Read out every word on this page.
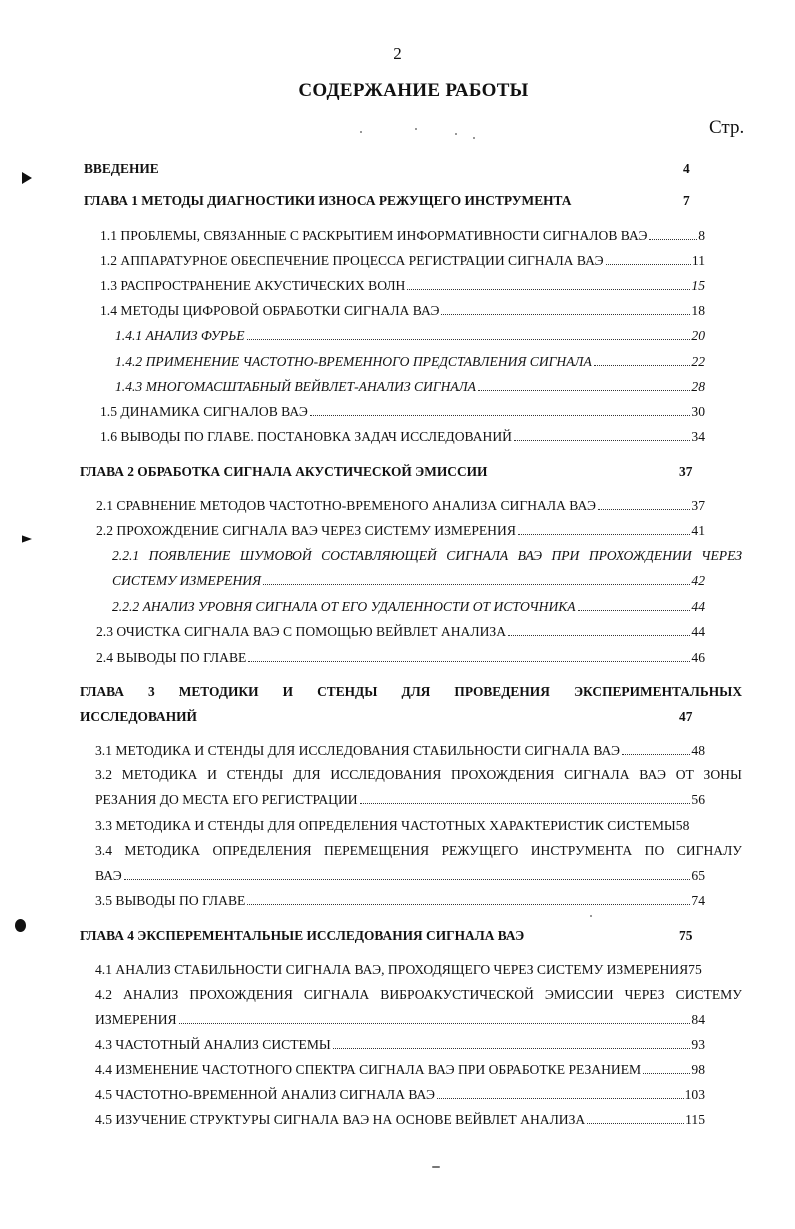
2
СОДЕРЖАНИЕ РАБОТЫ
Стр.
ВВЕДЕНИЕ	4
ГЛАВА 1 МЕТОДЫ ДИАГНОСТИКИ ИЗНОСА РЕЖУЩЕГО ИНСТРУМЕНТА	7
1.1 ПРОБЛЕМЫ, СВЯЗАННЫЕ С РАСКРЫТИЕМ ИНФОРМАТИВНОСТИ СИГНАЛОВ ВАЭ	8
1.2 АППАРАТУРНОЕ ОБЕСПЕЧЕНИЕ ПРОЦЕССА РЕГИСТРАЦИИ СИГНАЛА ВАЭ	11
1.3 РАСПРОСТРАНЕНИЕ АКУСТИЧЕСКИХ ВОЛН	15
1.4 МЕТОДЫ ЦИФРОВОЙ ОБРАБОТКИ СИГНАЛА ВАЭ	18
1.4.1 АНАЛИЗ ФУРЬЕ	20
1.4.2 ПРИМЕНЕНИЕ ЧАСТОТНО-ВРЕМЕННОГО ПРЕДСТАВЛЕНИЯ СИГНАЛА	22
1.4.3 МНОГОМАСШТАБНЫЙ ВЕЙВЛЕТ-АНАЛИЗ СИГНАЛА	28
1.5 ДИНАМИКА СИГНАЛОВ ВАЭ	30
1.6 ВЫВОДЫ ПО ГЛАВЕ. ПОСТАНОВКА ЗАДАЧ ИССЛЕДОВАНИЙ	34
ГЛАВА 2 ОБРАБОТКА СИГНАЛА АКУСТИЧЕСКОЙ ЭМИССИИ	37
2.1 СРАВНЕНИЕ МЕТОДОВ ЧАСТОТНО-ВРЕМЕНОГО АНАЛИЗА СИГНАЛА ВАЭ	37
2.2 ПРОХОЖДЕНИЕ СИГНАЛА ВАЭ ЧЕРЕЗ СИСТЕМУ ИЗМЕРЕНИЯ	41
2.2.1 ПОЯВЛЕНИЕ ШУМОВОЙ СОСТАВЛЯЮЩЕЙ СИГНАЛА ВАЭ ПРИ ПРОХОЖДЕНИИ ЧЕРЕЗ
СИСТЕМУ ИЗМЕРЕНИЯ	42
2.2.2 АНАЛИЗ УРОВНЯ СИГНАЛА ОТ ЕГО УДАЛЕННОСТИ ОТ ИСТОЧНИКА	44
2.3 ОЧИСТКА СИГНАЛА ВАЭ С ПОМОЩЬЮ ВЕЙВЛЕТ АНАЛИЗА	44
2.4 ВЫВОДЫ ПО ГЛАВЕ	46
ГЛАВА 3 МЕТОДИКИ И СТЕНДЫ ДЛЯ ПРОВЕДЕНИЯ ЭКСПЕРИМЕНТАЛЬНЫХ
ИССЛЕДОВАНИЙ	47
3.1 МЕТОДИКА И СТЕНДЫ ДЛЯ ИССЛЕДОВАНИЯ СТАБИЛЬНОСТИ СИГНАЛА ВАЭ	48
3.2 МЕТОДИКА И СТЕНДЫ ДЛЯ ИССЛЕДОВАНИЯ ПРОХОЖДЕНИЯ СИГНАЛА ВАЭ ОТ ЗОНЫ
РЕЗАНИЯ ДО МЕСТА ЕГО РЕГИСТРАЦИИ	56
3.3 МЕТОДИКА И СТЕНДЫ ДЛЯ ОПРЕДЕЛЕНИЯ ЧАСТОТНЫХ ХАРАКТЕРИСТИК СИСТЕМЫ58
3.4 МЕТОДИКА ОПРЕДЕЛЕНИЯ ПЕРЕМЕЩЕНИЯ РЕЖУЩЕГО ИНСТРУМЕНТА ПО СИГНАЛУ
ВАЭ	65
3.5 ВЫВОДЫ ПО ГЛАВЕ	74
ГЛАВА 4 ЭКСПЕРЕМЕНТАЛЬНЫЕ ИССЛЕДОВАНИЯ СИГНАЛА ВАЭ	75
4.1 АНАЛИЗ СТАБИЛЬНОСТИ СИГНАЛА ВАЭ, ПРОХОДЯЩЕГО ЧЕРЕЗ СИСТЕМУ ИЗМЕРЕНИЯ75
4.2 АНАЛИЗ ПРОХОЖДЕНИЯ СИГНАЛА ВИБРОАКУСТИЧЕСКОЙ ЭМИССИИ ЧЕРЕЗ СИСТЕМУ
ИЗМЕРЕНИЯ	84
4.3 ЧАСТОТНЫЙ АНАЛИЗ СИСТЕМЫ	93
4.4 ИЗМЕНЕНИЕ ЧАСТОТНОГО СПЕКТРА СИГНАЛА ВАЭ ПРИ ОБРАБОТКЕ РЕЗАНИЕМ	98
4.5 ЧАСТОТНО-ВРЕМЕННОЙ АНАЛИЗ СИГНАЛА ВАЭ	103
4.5 ИЗУЧЕНИЕ СТРУКТУРЫ СИГНАЛА ВАЭ НА ОСНОВЕ ВЕЙВЛЕТ АНАЛИЗА	115
